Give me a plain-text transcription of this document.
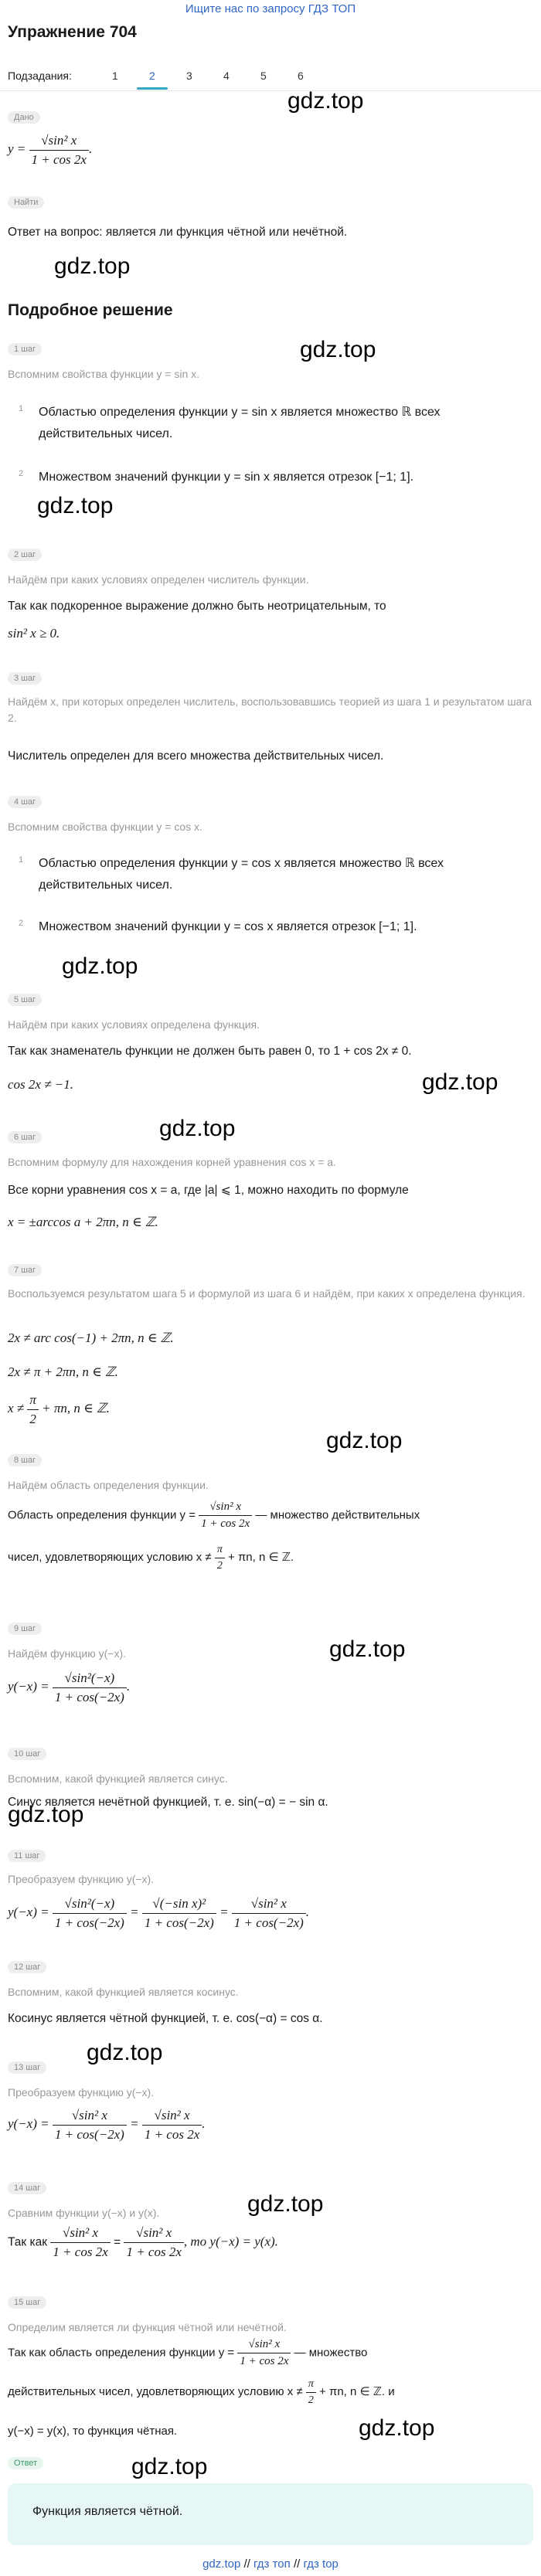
Ищите нас по запросу ГДЗ ТОП
Упражнение 704
Подзадания:	1	2	3	4	5	6
gdz.top
gdz.top
gdz.top
gdz.top
gdz.top
gdz.top
gdz.top
gdz.top
gdz.top
gdz.top
gdz.top
gdz.top
gdz.top
gdz.top
Дано
$y = \frac{\text{√sin² x}}{1 + \cos 2x}$ .
Найти
Ответ на вопрос: является ли функция чётной или нечётной.
Подробное решение
1 шаг
Вспомним свойства функции y = sin x.
1 Областью определения функции y = sin x является множество ℝ всех действительных чисел.
2 Множеством значений функции y = sin x является отрезок [−1; 1].
2 шаг
Найдём при каких условиях определен числитель функции.
Так как подкоренное выражение должно быть неотрицательным, то
sin² x ≥ 0.
3 шаг
Найдём x, при которых определен числитель, воспользовавшись теорией из шага 1 и результатом шага 2.
Числитель определен для всего множества действительных чисел.
4 шаг
Вспомним свойства функции y = cos x.
1 Областью определения функции y = cos x является множество ℝ всех действительных чисел.
2 Множеством значений функции y = cos x является отрезок [−1; 1].
5 шаг
Найдём при каких условиях определена функция.
Так как знаменатель функции не должен быть равен 0, то 1 + cos 2x ≠ 0.
cos 2x ≠ −1.
6 шаг
Вспомним формулу для нахождения корней уравнения cos x = a.
Все корни уравнения cos x = a, где |a| ⩽ 1, можно находить по формуле
x = ±arccos a + 2πn, n ∈ ℤ.
7 шаг
Воспользуемся результатом шага 5 и формулой из шага 6 и найдём, при каких x определена функция.
2x ≠ arc cos(−1) + 2πn, n ∈ ℤ.
2x ≠ π + 2πn, n ∈ ℤ.
$x \ne \frac{\pi}{2} + \pi n$, n ∈ ℤ.
8 шаг
Найдём область определения функции.
Область определения функции $y = \frac{\text{√sin² x}}{1 + \cos 2x}$ — множество действительных
чисел, удовлетворяющих условию $x \ne \frac{\pi}{2} + \pi n$, n ∈ ℤ.
9 шаг
Найдём функцию y(−x).
$y(-x) = \frac{\text{√sin²(−x)}}{1 + \cos(-2x)}$ .
10 шаг
Вспомним, какой функцией является синус.
Синус является нечётной функцией, т. е. sin(−α) = − sin α.
11 шаг
Преобразуем функцию y(−x).
$y(-x) = \frac{\text{√sin²(−x)}}{1 + \cos(-2x)} = \frac{\text{√(−sin x)²}}{1 + \cos(-2x)} = \frac{\text{√sin² x}}{1 + \cos(-2x)}$ .
12 шаг
Вспомним, какой функцией является косинус.
Косинус является чётной функцией, т. е. cos(−α) = cos α.
13 шаг
Преобразуем функцию y(−x).
$y(-x) = \frac{\text{√sin² x}}{1 + \cos(-2x)} = \frac{\text{√sin² x}}{1 + \cos 2x}$ .
14 шаг
Сравним функции y(−x) и y(x).
Так как $\frac{\text{√sin² x}}{1 + \cos 2x} = \frac{\text{√sin² x}}{1 + \cos 2x}$ , то y(−x) = y(x).
15 шаг
Определим является ли функция чётной или нечётной.
Так как область определения функции $y = \frac{\text{√sin² x}}{1 + \cos 2x}$ — множество
действительных чисел, удовлетворяющих условию $x \ne \frac{\pi}{2} + \pi n$, n ∈ ℤ. и
y(−x) = y(x), то функция чётная.
Ответ
Функция является чётной.
gdz.top // гдз топ // гдз top
